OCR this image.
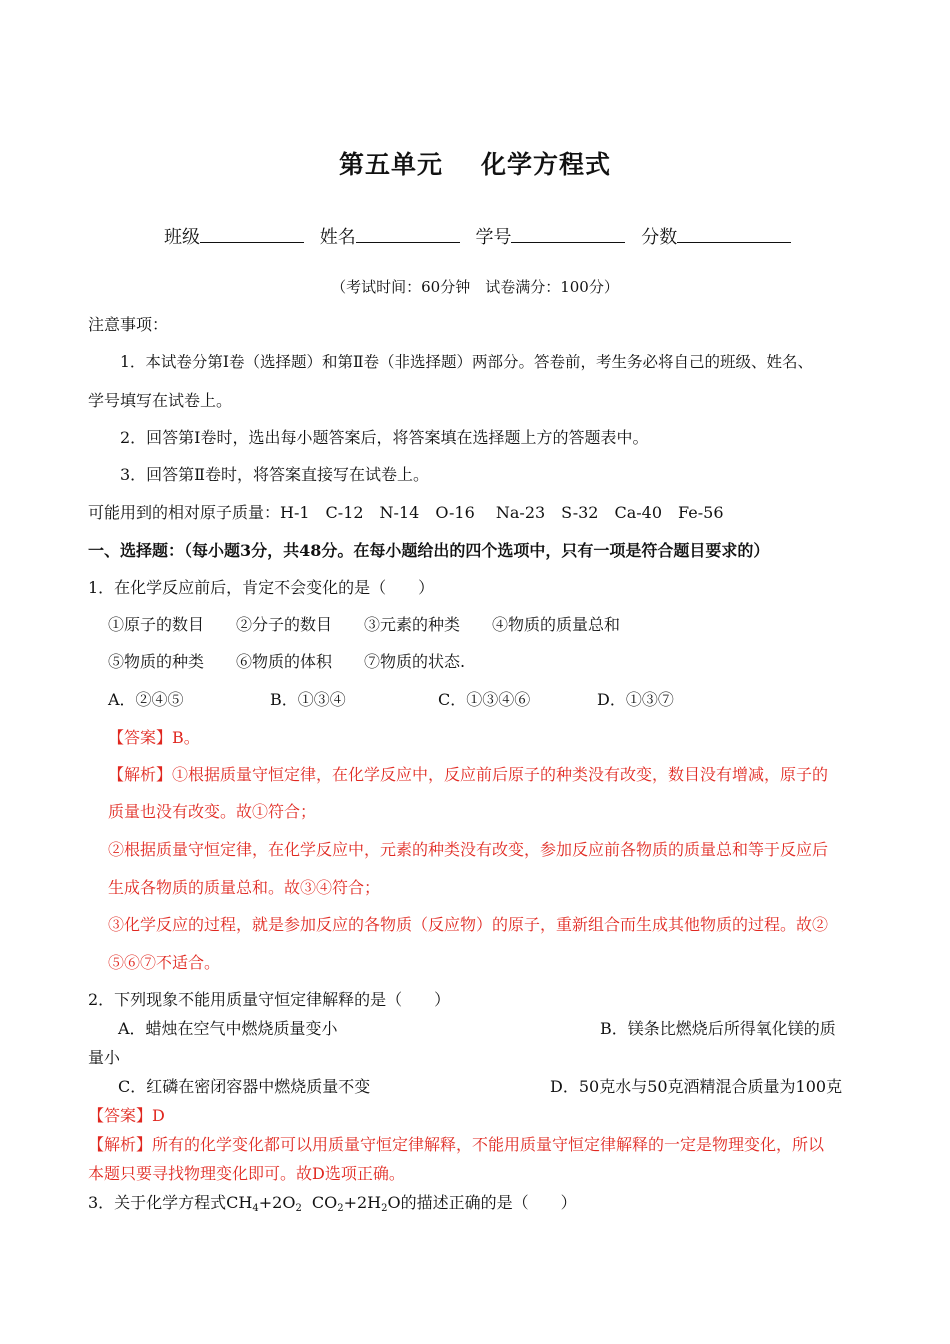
第五单元 化学方程式
班级	姓名	学号	分数
（考试时间：60分钟　试卷满分：100分）
注意事项：
1．本试卷分第Ⅰ卷（选择题）和第Ⅱ卷（非选择题）两部分。答卷前，考生务必将自己的班级、姓名、
学号填写在试卷上。
2．回答第Ⅰ卷时，选出每小题答案后，将答案填在选择题上方的答题表中。
3．回答第Ⅱ卷时，将答案直接写在试卷上。
可能用到的相对原子质量：H-1　C-12　N-14　O-16　 Na-23　S-32　Ca-40　Fe-56
一、选择题：（每小题3分，共48分。在每小题给出的四个选项中，只有一项是符合题目要求的）
1．在化学反应前后，肯定不会变化的是（　　）
①原子的数目　　②分子的数目　　③元素的种类　　④物质的质量总和
⑤物质的种类　　⑥物质的体积　　⑦物质的状态.
A．②④⑤	B．①③④	C．①③④⑥	D．①③⑦
【答案】B。
【解析】①根据质量守恒定律，在化学反应中，反应前后原子的种类没有改变，数目没有增减，原子的
质量也没有改变。故①符合；
②根据质量守恒定律，在化学反应中，元素的种类没有改变，参加反应前各物质的质量总和等于反应后
生成各物质的质量总和。故③④符合；
③化学反应的过程，就是参加反应的各物质（反应物）的原子，重新组合而生成其他物质的过程。故②
⑤⑥⑦不适合。
2．下列现象不能用质量守恒定律解释的是（　　）
A．蜡烛在空气中燃烧质量变小	B．镁条比燃烧后所得氧化镁的质
量小
C．红磷在密闭容器中燃烧质量不变	D．50克水与50克酒精混合质量为100克
【答案】D
【解析】所有的化学变化都可以用质量守恒定律解释，不能用质量守恒定律解释的一定是物理变化，所以
本题只要寻找物理变化即可。故D选项正确。
3．关于化学方程式$CH_4+2O_2$ $CO_2+2H_2O$的描述正确的是（　　）
